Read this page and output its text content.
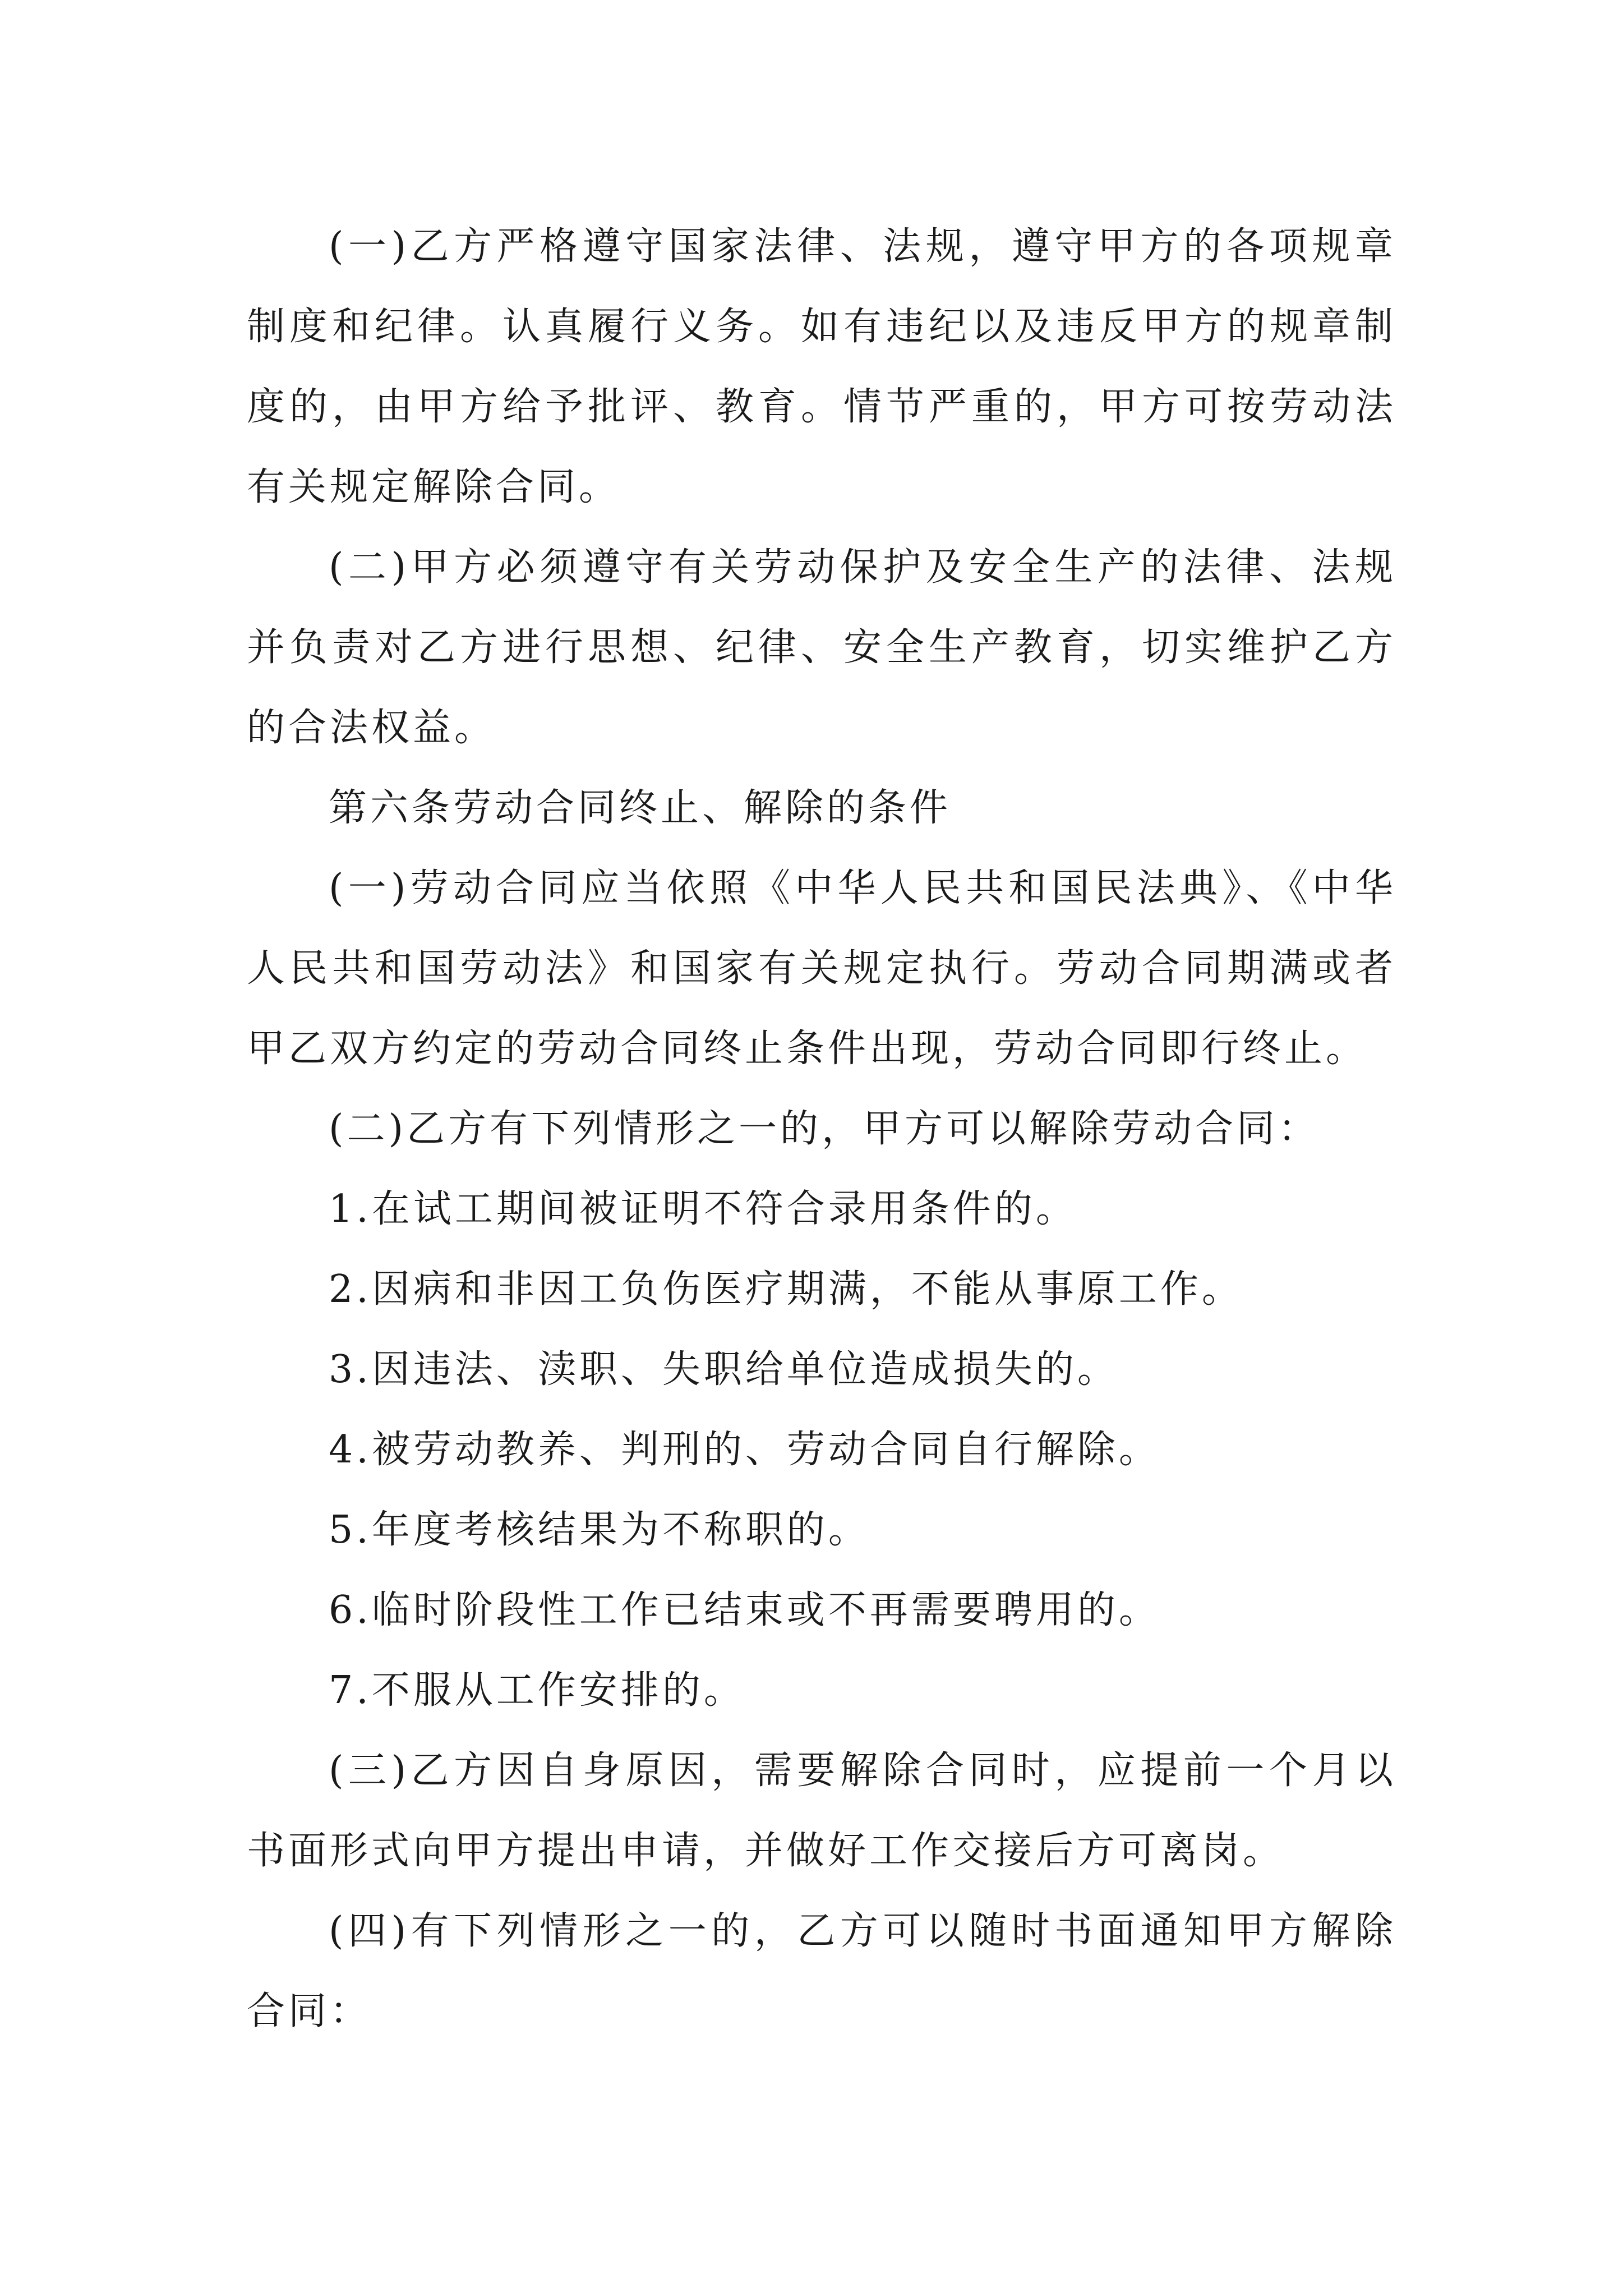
(一)乙方严格遵守国家法律、法规，遵守甲方的各项规章制度和纪律。认真履行义务。如有违纪以及违反甲方的规章制度的，由甲方给予批评、教育。情节严重的，甲方可按劳动法有关规定解除合同。

(二)甲方必须遵守有关劳动保护及安全生产的法律、法规并负责对乙方进行思想、纪律、安全生产教育，切实维护乙方的合法权益。

第六条劳动合同终止、解除的条件

(一)劳动合同应当依照《中华人民共和国民法典》、《中华人民共和国劳动法》和国家有关规定执行。劳动合同期满或者甲乙双方约定的劳动合同终止条件出现，劳动合同即行终止。

(二)乙方有下列情形之一的，甲方可以解除劳动合同：

1.在试工期间被证明不符合录用条件的。

2.因病和非因工负伤医疗期满，不能从事原工作。

3.因违法、渎职、失职给单位造成损失的。

4.被劳动教养、判刑的、劳动合同自行解除。

5.年度考核结果为不称职的。

6.临时阶段性工作已结束或不再需要聘用的。

7.不服从工作安排的。

(三)乙方因自身原因，需要解除合同时，应提前一个月以书面形式向甲方提出申请，并做好工作交接后方可离岗。

(四)有下列情形之一的，乙方可以随时书面通知甲方解除合同：
